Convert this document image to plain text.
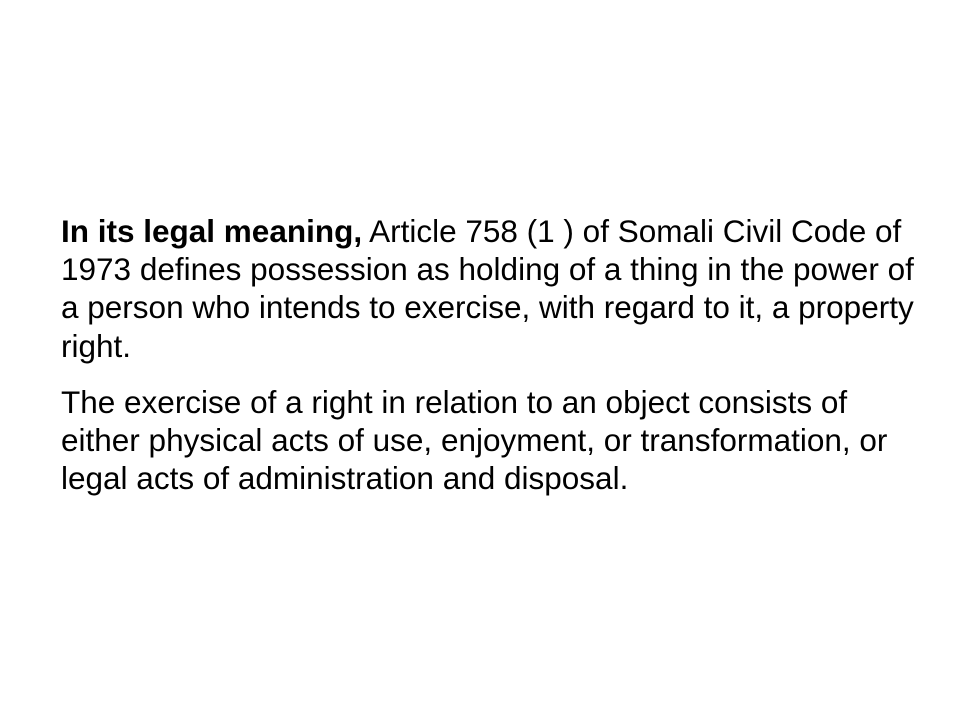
In its legal meaning, Article 758 (1 ) of Somali Civil Code of 1973 defines possession as holding of a thing in the power of a person who intends to exercise, with regard to it, a property right.

The exercise of a right in relation to an object consists of either physical acts of use, enjoyment, or transformation, or legal acts of administration and disposal.
